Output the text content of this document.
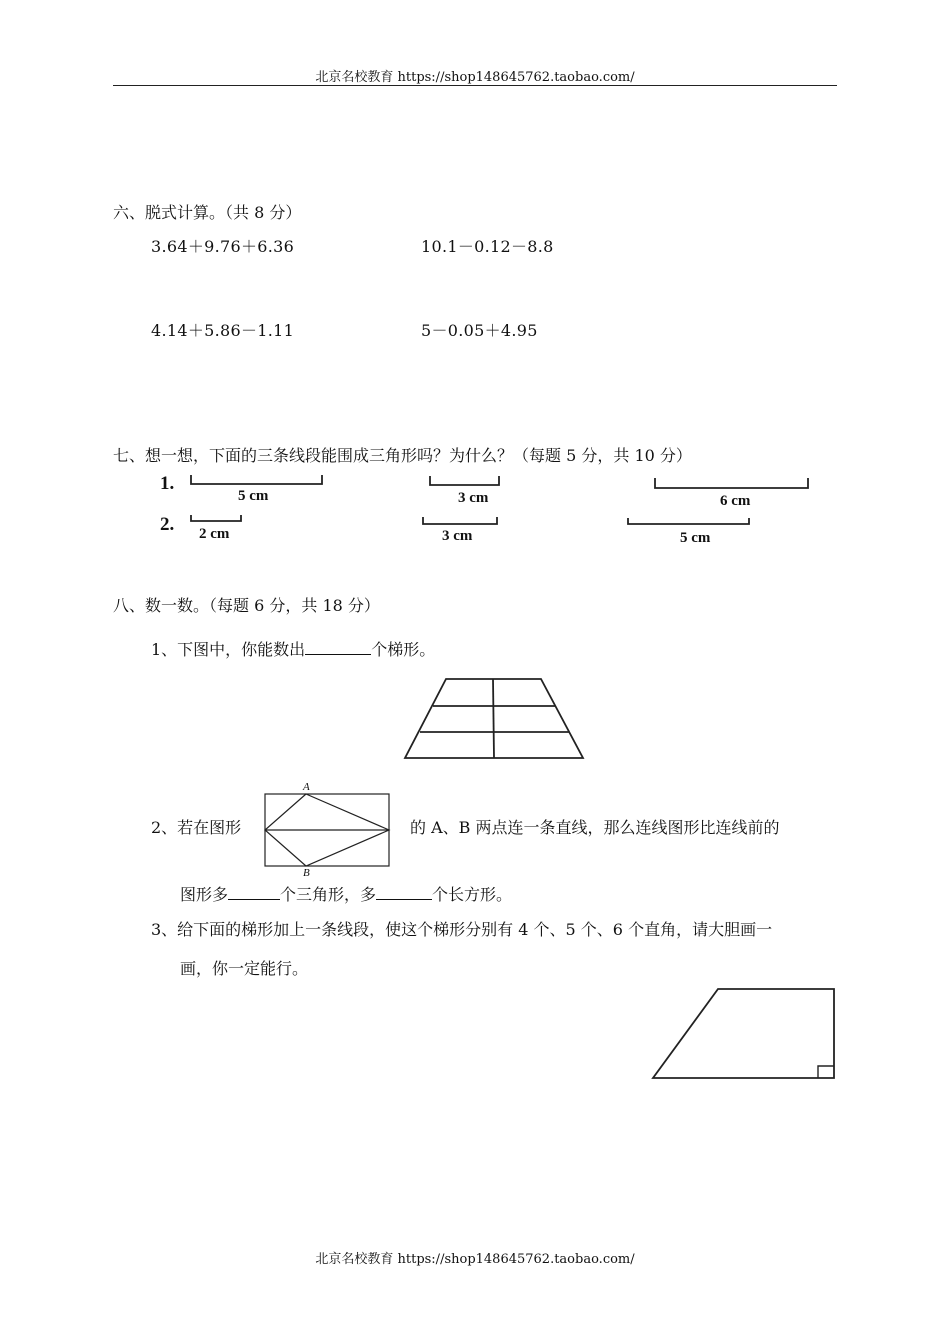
北京名校教育 https://shop148645762.taobao.com/
六、脱式计算。（共 8 分）
3.64＋9.76＋6.36	10.1－0.12－8.8
4.14＋5.86－1.11	5－0.05＋4.95
七、想一想，下面的三条线段能围成三角形吗？为什么？（每题 5 分，共 10 分）
1.
2.
5 cm	3 cm	6 cm
2 cm	3 cm	5 cm
八、数一数。（每题 6 分，共 18 分）
1、下图中，你能数出	个梯形。
A
B
2、若在图形	的 A、B 两点连一条直线，那么连线图形比连线前的
图形多	个三角形，多	个长方形。
3、给下面的梯形加上一条线段，使这个梯形分别有 4 个、5 个、6 个直角，请大胆画一
画，你一定能行。
北京名校教育 https://shop148645762.taobao.com/
